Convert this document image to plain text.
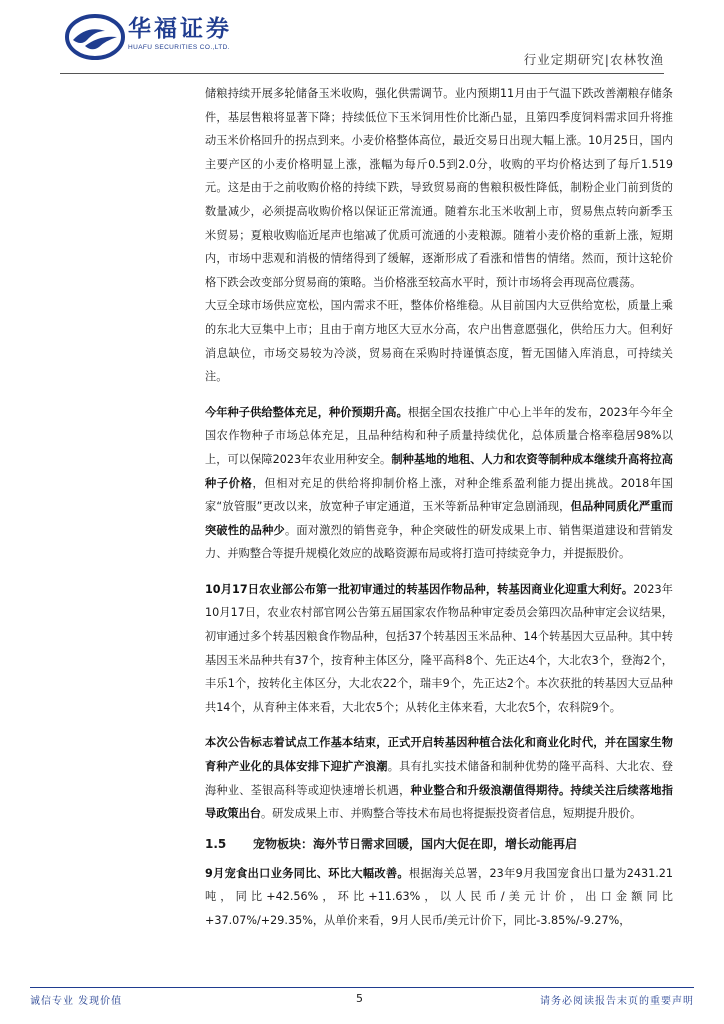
华福证券
HUAFU SECURITIES CO.,LTD.
行业定期研究|农林牧渔

储粮持续开展多轮储备玉米收购，强化供需调节。业内预期11月由于气温下跌改善潮粮存储条件，基层售粮将显著下降；持续低位下玉米饲用性价比渐凸显，且第四季度饲料需求回升将推动玉米价格回升的拐点到来。小麦价格整体高位，最近交易日出现大幅上涨。10月25日，国内主要产区的小麦价格明显上涨，涨幅为每斤0.5到2.0分，收购的平均价格达到了每斤1.519元。这是由于之前收购价格的持续下跌，导致贸易商的售粮积极性降低，制粉企业门前到货的数量减少，必须提高收购价格以保证正常流通。随着东北玉米收割上市，贸易焦点转向新季玉米贸易；夏粮收购临近尾声也缩减了优质可流通的小麦粮源。随着小麦价格的重新上涨，短期内，市场中悲观和消极的情绪得到了缓解，逐渐形成了看涨和惜售的情绪。然而，预计这轮价格下跌会改变部分贸易商的策略。当价格涨至较高水平时，预计市场将会再现高位震荡。

大豆全球市场供应宽松，国内需求不旺，整体价格维稳。从目前国内大豆供给宽松，质量上乘的东北大豆集中上市；且由于南方地区大豆水分高，农户出售意愿强化，供给压力大。但利好消息缺位，市场交易较为冷淡，贸易商在采购时持谨慎态度，暂无国储入库消息，可持续关注。

今年种子供给整体充足，种价预期升高。根据全国农技推广中心上半年的发布，2023年今年全国农作物种子市场总体充足，且品种结构和种子质量持续优化，总体质量合格率稳居98%以上，可以保障2023年农业用种安全。制种基地的地租、人力和农资等制种成本继续升高将拉高种子价格，但相对充足的供给将抑制价格上涨，对种企维系盈利能力提出挑战。2018年国家“放管服”更改以来，放宽种子审定通道，玉米等新品种审定急剧涌现，但品种同质化严重而突破性的品种少。面对激烈的销售竞争，种企突破性的研发成果上市、销售渠道建设和营销发力、并购整合等提升规模化效应的战略资源布局或将打造可持续竞争力，并提振股价。

10月17日农业部公布第一批初审通过的转基因作物品种，转基因商业化迎重大利好。2023年10月17日，农业农村部官网公告第五届国家农作物品种审定委员会第四次品种审定会议结果，初审通过多个转基因粮食作物品种，包括37个转基因玉米品种、14个转基因大豆品种。其中转基因玉米品种共有37个，按育种主体区分，隆平高科8个、先正达4个，大北农3个，登海2个，丰乐1个，按转化主体区分，大北农22个，瑞丰9个，先正达2个。本次获批的转基因大豆品种共14个，从育种主体来看，大北农5个；从转化主体来看，大北农5个，农科院9个。

本次公告标志着试点工作基本结束，正式开启转基因种植合法化和商业化时代，并在国家生物育种产业化的具体安排下迎扩产浪潮。具有扎实技术储备和制种优势的隆平高科、大北农、登海种业、荃银高科等或迎快速增长机遇，种业整合和升级浪潮值得期待。持续关注后续落地指导政策出台。研发成果上市、并购整合等技术布局也将提振投资者信息，短期提升股价。

1.5 宠物板块：海外节日需求回暖，国内大促在即，增长动能再启

9月宠食出口业务同比、环比大幅改善。根据海关总署，23年9月我国宠食出口量为2431.21吨，同比+42.56%，环比+11.63%，以人民币/美元计价，出口金额同比+37.07%/+29.35%，从单价来看，9月人民币/美元计价下，同比-3.85%/-9.27%，

诚信专业 发现价值	5	请务必阅读报告末页的重要声明
